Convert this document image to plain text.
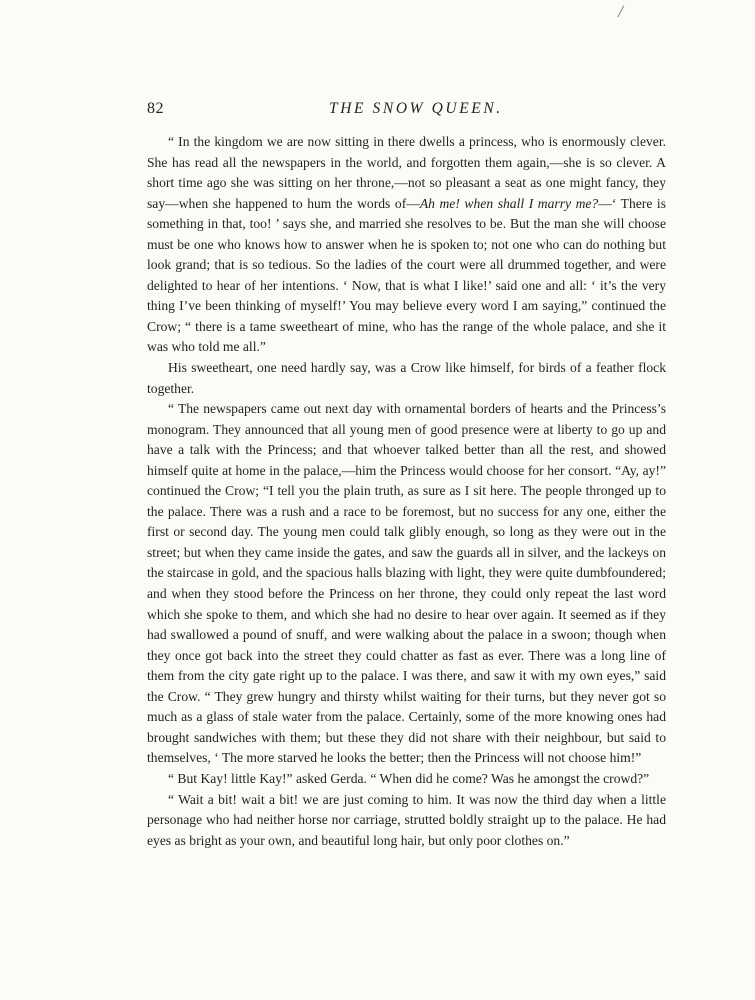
82	THE SNOW QUEEN.

“ In the kingdom we are now sitting in there dwells a princess, who is enormously clever. She has read all the newspapers in the world, and forgotten them again,—she is so clever. A short time ago she was sitting on her throne,—not so pleasant a seat as one might fancy, they say—when she happened to hum the words of—Ah me! when shall I marry me?—‘ There is something in that, too! ’ says she, and married she resolves to be. But the man she will choose must be one who knows how to answer when he is spoken to; not one who can do nothing but look grand; that is so tedious. So the ladies of the court were all drummed together, and were delighted to hear of her intentions. ‘ Now, that is what I like!’ said one and all: ‘ it’s the very thing I’ve been thinking of myself!’ You may believe every word I am saying,” continued the Crow; “ there is a tame sweetheart of mine, who has the range of the whole palace, and she it was who told me all.”

His sweetheart, one need hardly say, was a Crow like himself, for birds of a feather flock together.

“ The newspapers came out next day with ornamental borders of hearts and the Princess’s monogram. They announced that all young men of good presence were at liberty to go up and have a talk with the Princess; and that whoever talked better than all the rest, and showed himself quite at home in the palace,—him the Princess would choose for her consort. “Ay, ay!” continued the Crow; “I tell you the plain truth, as sure as I sit here. The people thronged up to the palace. There was a rush and a race to be foremost, but no success for any one, either the first or second day. The young men could talk glibly enough, so long as they were out in the street; but when they came inside the gates, and saw the guards all in silver, and the lackeys on the staircase in gold, and the spacious halls blazing with light, they were quite dumbfoundered; and when they stood before the Princess on her throne, they could only repeat the last word which she spoke to them, and which she had no desire to hear over again. It seemed as if they had swallowed a pound of snuff, and were walking about the palace in a swoon; though when they once got back into the street they could chatter as fast as ever. There was a long line of them from the city gate right up to the palace. I was there, and saw it with my own eyes,” said the Crow. “ They grew hungry and thirsty whilst waiting for their turns, but they never got so much as a glass of stale water from the palace. Certainly, some of the more knowing ones had brought sandwiches with them; but these they did not share with their neighbour, but said to themselves, ‘ The more starved he looks the better; then the Princess will not choose him!”

“ But Kay! little Kay!” asked Gerda. “ When did he come? Was he amongst the crowd?”

“ Wait a bit! wait a bit! we are just coming to him. It was now the third day when a little personage who had neither horse nor carriage, strutted boldly straight up to the palace. He had eyes as bright as your own, and beautiful long hair, but only poor clothes on.”
